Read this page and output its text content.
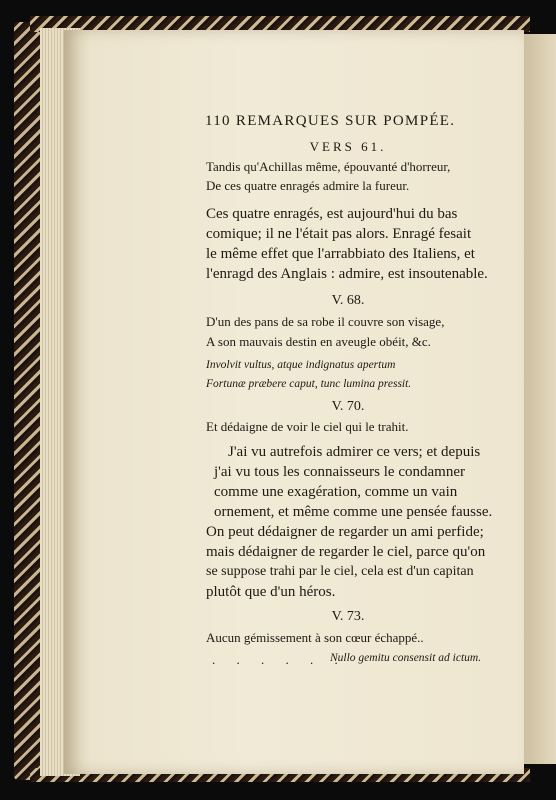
110 REMARQUES SUR POMPÉE.
VERS 61.
Tandis qu'Achillas même, épouvanté d'horreur,
De ces quatre enragés admire la fureur.
Ces quatre enragés, est aujourd'hui du bas
comique; il ne l'était pas alors. Enragé fesait
le même effet que l'arrabbiato des Italiens, et
l'enragd des Anglais : admire, est insoutenable.
V. 68.
D'un des pans de sa robe il couvre son visage,
A son mauvais destin en aveugle obéit, &c.
Involvit vultus, atque indignatus apertum
Fortunæ præbere caput, tunc lumina pressit.
V. 70.
Et dédaigne de voir le ciel qui le trahit.
J'ai vu autrefois admirer ce vers; et depuis
j'ai vu tous les connaisseurs le condamner
comme une exagération, comme un vain
ornement, et même comme une pensée fausse.
On peut dédaigner de regarder un ami perfide;
mais dédaigner de regarder le ciel, parce qu'on
se suppose trahi par le ciel, cela est d'un capitan
plutôt que d'un héros.
V. 73.
Aucun gémissement à son cœur échappé..
. . . . . .
Nullo gemitu consensit ad ictum.
